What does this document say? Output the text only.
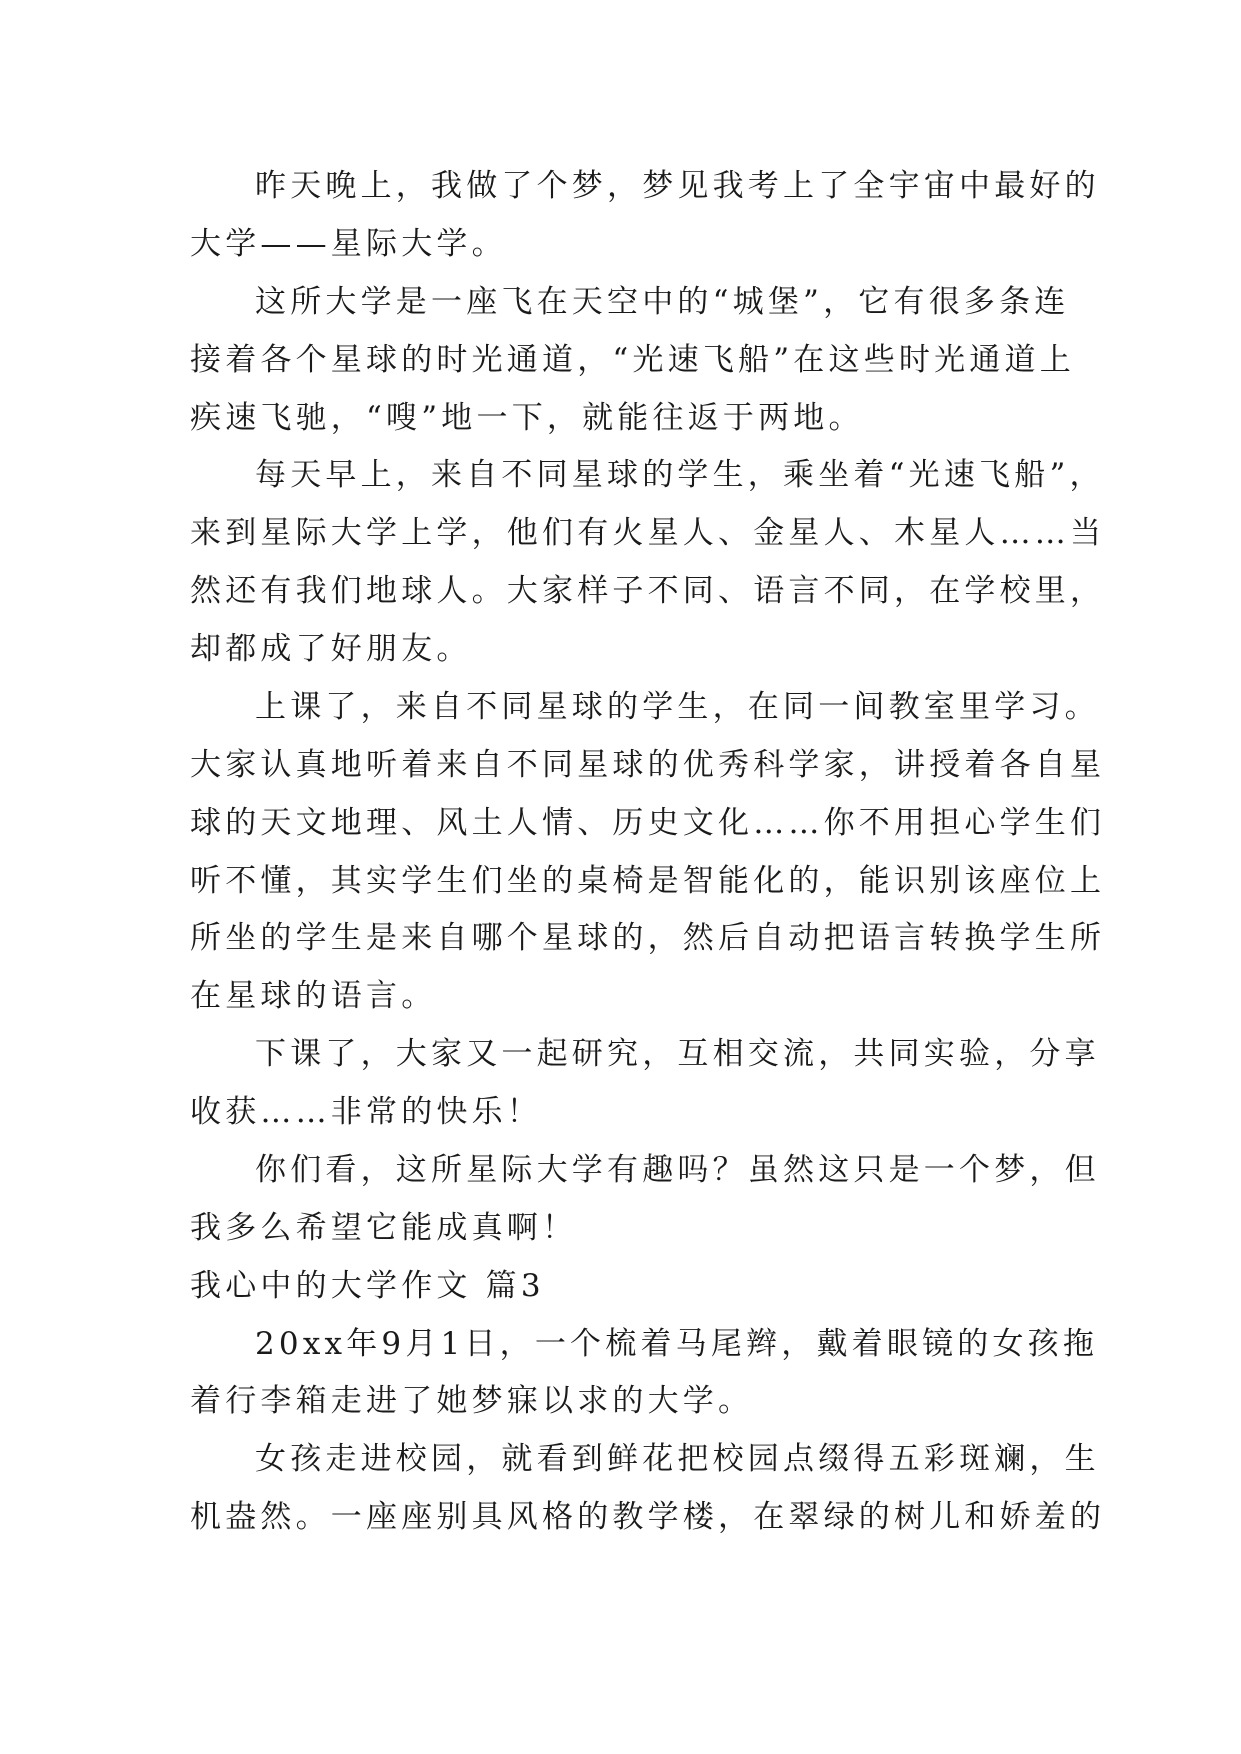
昨天晚上，我做了个梦，梦见我考上了全宇宙中最好的
大学——星际大学。
这所大学是一座飞在天空中的“城堡”，它有很多条连
接着各个星球的时光通道，“光速飞船”在这些时光通道上
疾速飞驰，“嗖”地一下，就能往返于两地。
每天早上，来自不同星球的学生，乘坐着“光速飞船”，
来到星际大学上学，他们有火星人、金星人、木星人……当
然还有我们地球人。大家样子不同、语言不同，在学校里，
却都成了好朋友。
上课了，来自不同星球的学生，在同一间教室里学习。
大家认真地听着来自不同星球的优秀科学家，讲授着各自星
球的天文地理、风土人情、历史文化……你不用担心学生们
听不懂，其实学生们坐的桌椅是智能化的，能识别该座位上
所坐的学生是来自哪个星球的，然后自动把语言转换学生所
在星球的语言。
下课了，大家又一起研究，互相交流，共同实验，分享
收获……非常的快乐！
你们看，这所星际大学有趣吗？虽然这只是一个梦，但
我多么希望它能成真啊！
我心中的大学作文 篇3
20xx年9月1日，一个梳着马尾辫，戴着眼镜的女孩拖
着行李箱走进了她梦寐以求的大学。
女孩走进校园，就看到鲜花把校园点缀得五彩斑斓，生
机盎然。一座座别具风格的教学楼，在翠绿的树儿和娇羞的
